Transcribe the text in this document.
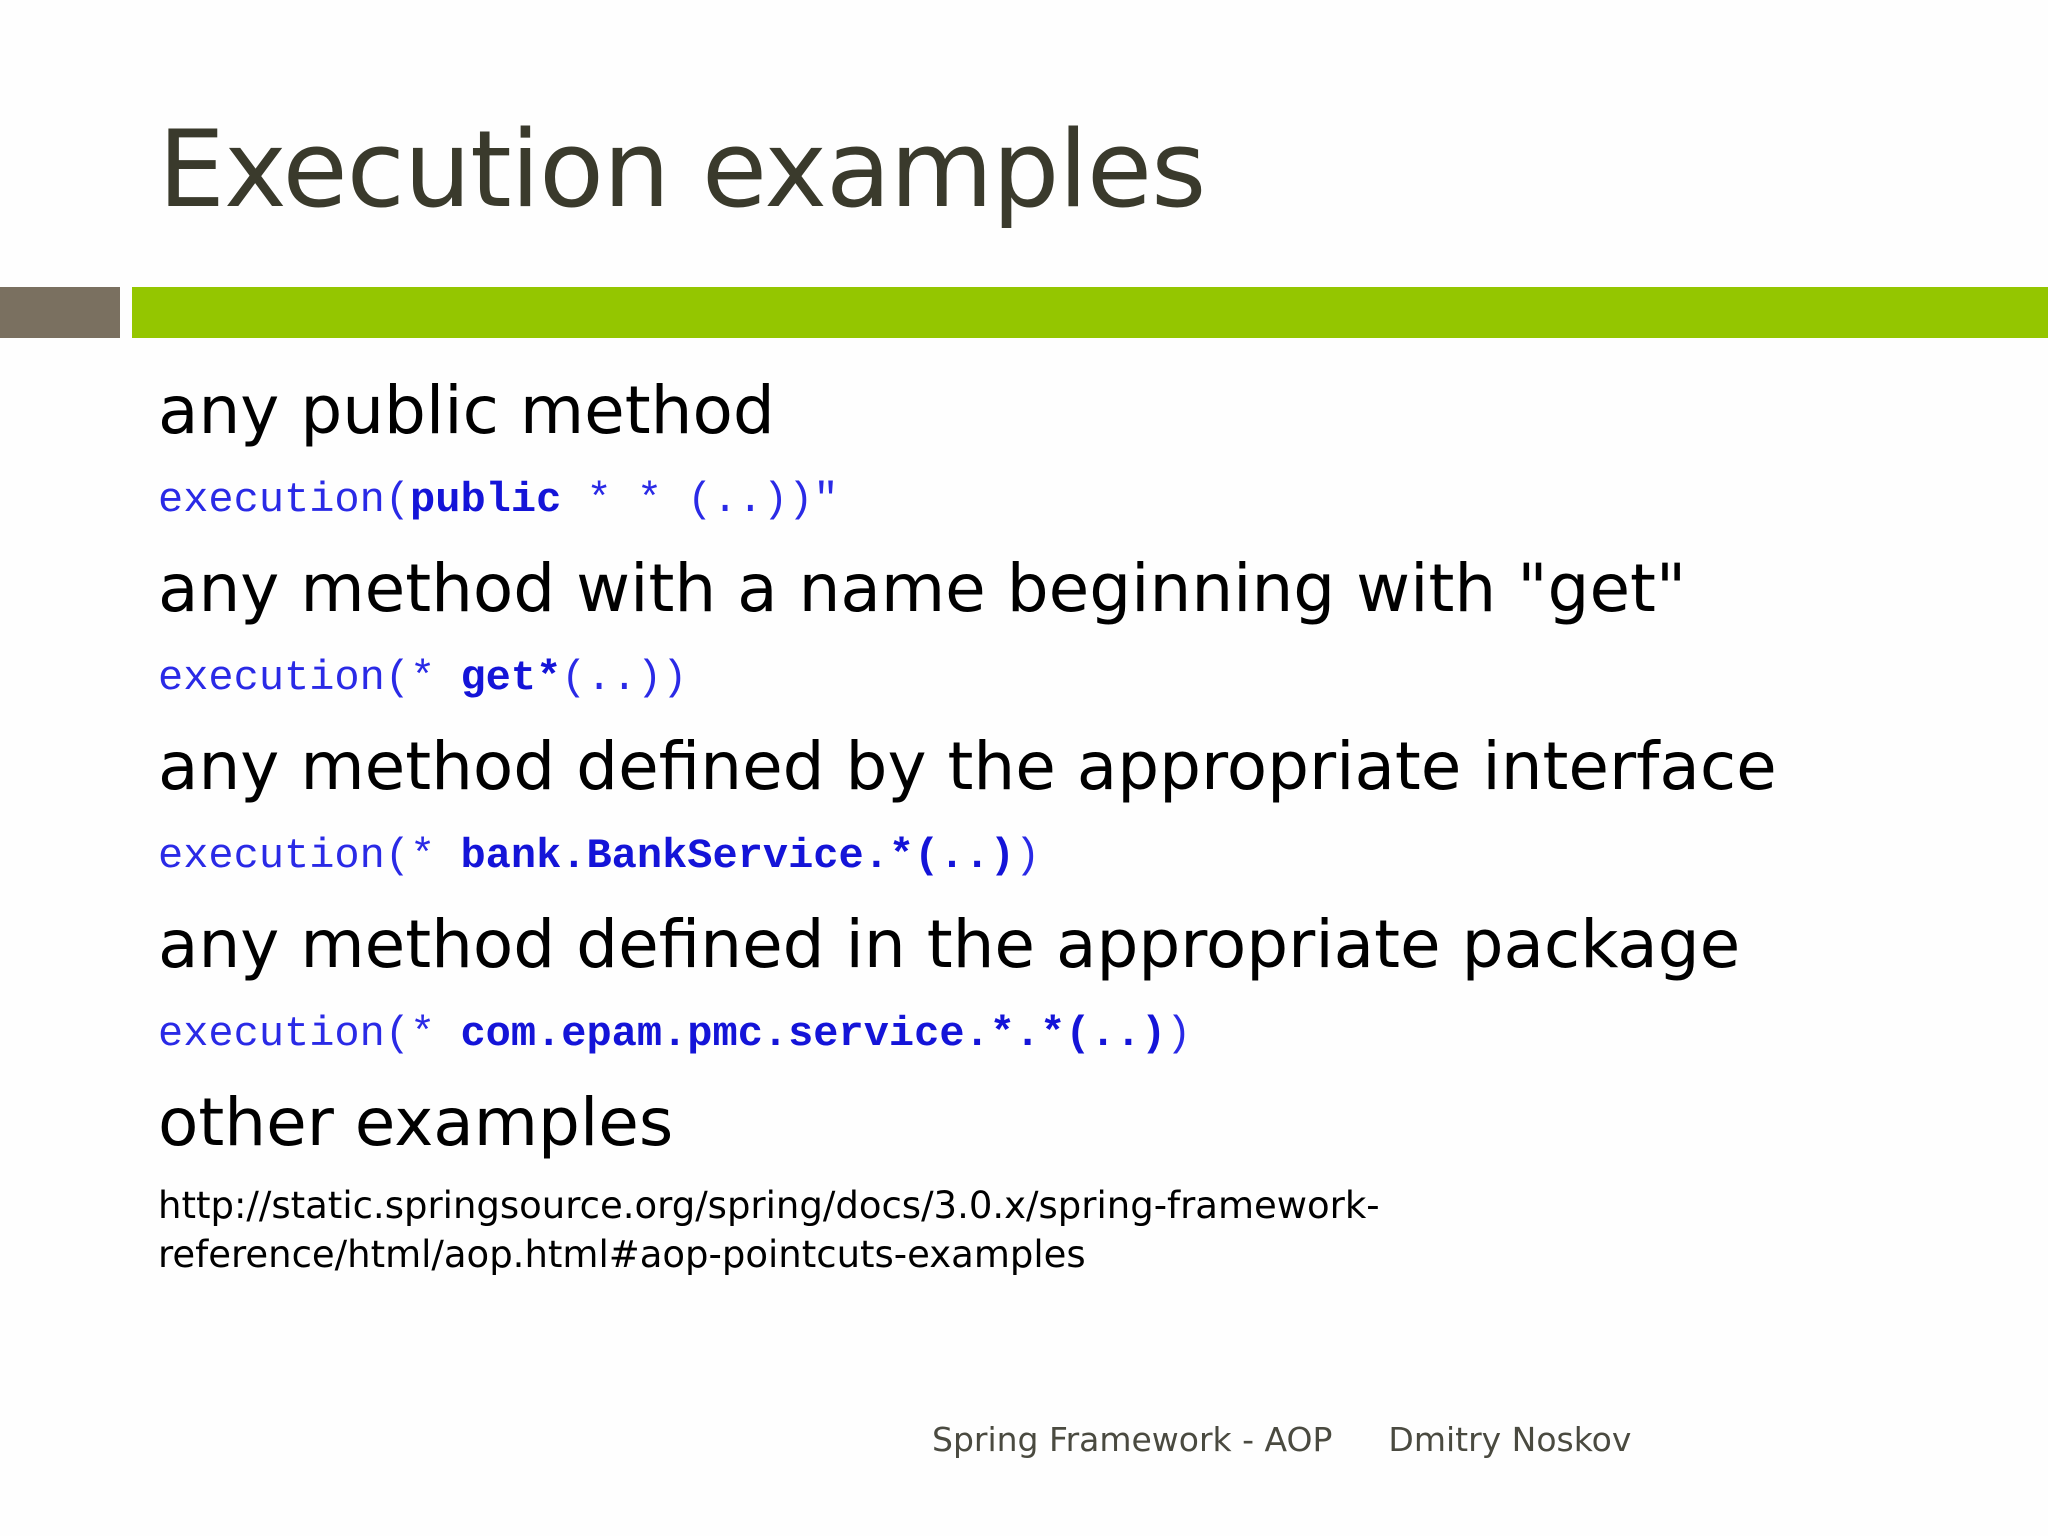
Execution examples
any public method
execution(public * * (..))"
any method with a name beginning with "get"
execution(* get*(..))
any method defined by the appropriate interface
execution(* bank.BankService.*(..))
any method defined in the appropriate package
execution(* com.epam.pmc.service.*.*(..))
other examples
http://static.springsource.org/spring/docs/3.0.x/spring-framework-
reference/html/aop.html#aop-pointcuts-examples
Spring Framework - AOP Dmitry Noskov
